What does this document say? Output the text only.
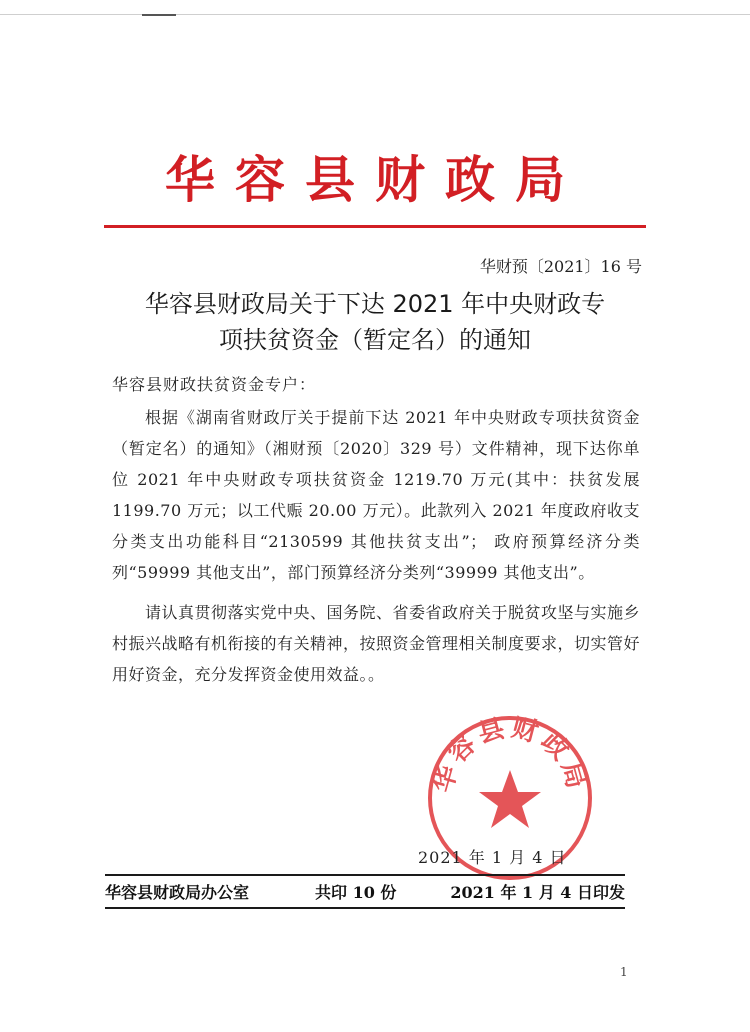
华容县财政局
华财预〔2021〕16 号
华容县财政局关于下达 2021 年中央财政专
项扶贫资金（暂定名）的通知
华容县财政扶贫资金专户：

根据《湖南省财政厅关于提前下达 2021 年中央财政专项扶贫资金（暂定名）的通知》（湘财预〔2020〕329 号）文件精神，现下达你单位 2021 年中央财政专项扶贫资金 1219.70 万元(其中：扶贫发展 1199.70 万元；以工代赈 20.00 万元）。此款列入 2021 年度政府收支分类支出功能科目“2130599 其他扶贫支出”； 政府预算经济分类列“59999 其他支出”，部门预算经济分类列“39999 其他支出”。

请认真贯彻落实党中央、国务院、省委省政府关于脱贫攻坚与实施乡村振兴战略有机衔接的有关精神，按照资金管理相关制度要求，切实管好用好资金，充分发挥资金使用效益。。

华容县财政局
2021 年 1 月 4 日
华容县财政局办公室	共印 10 份	2021 年 1 月 4 日印发
1
